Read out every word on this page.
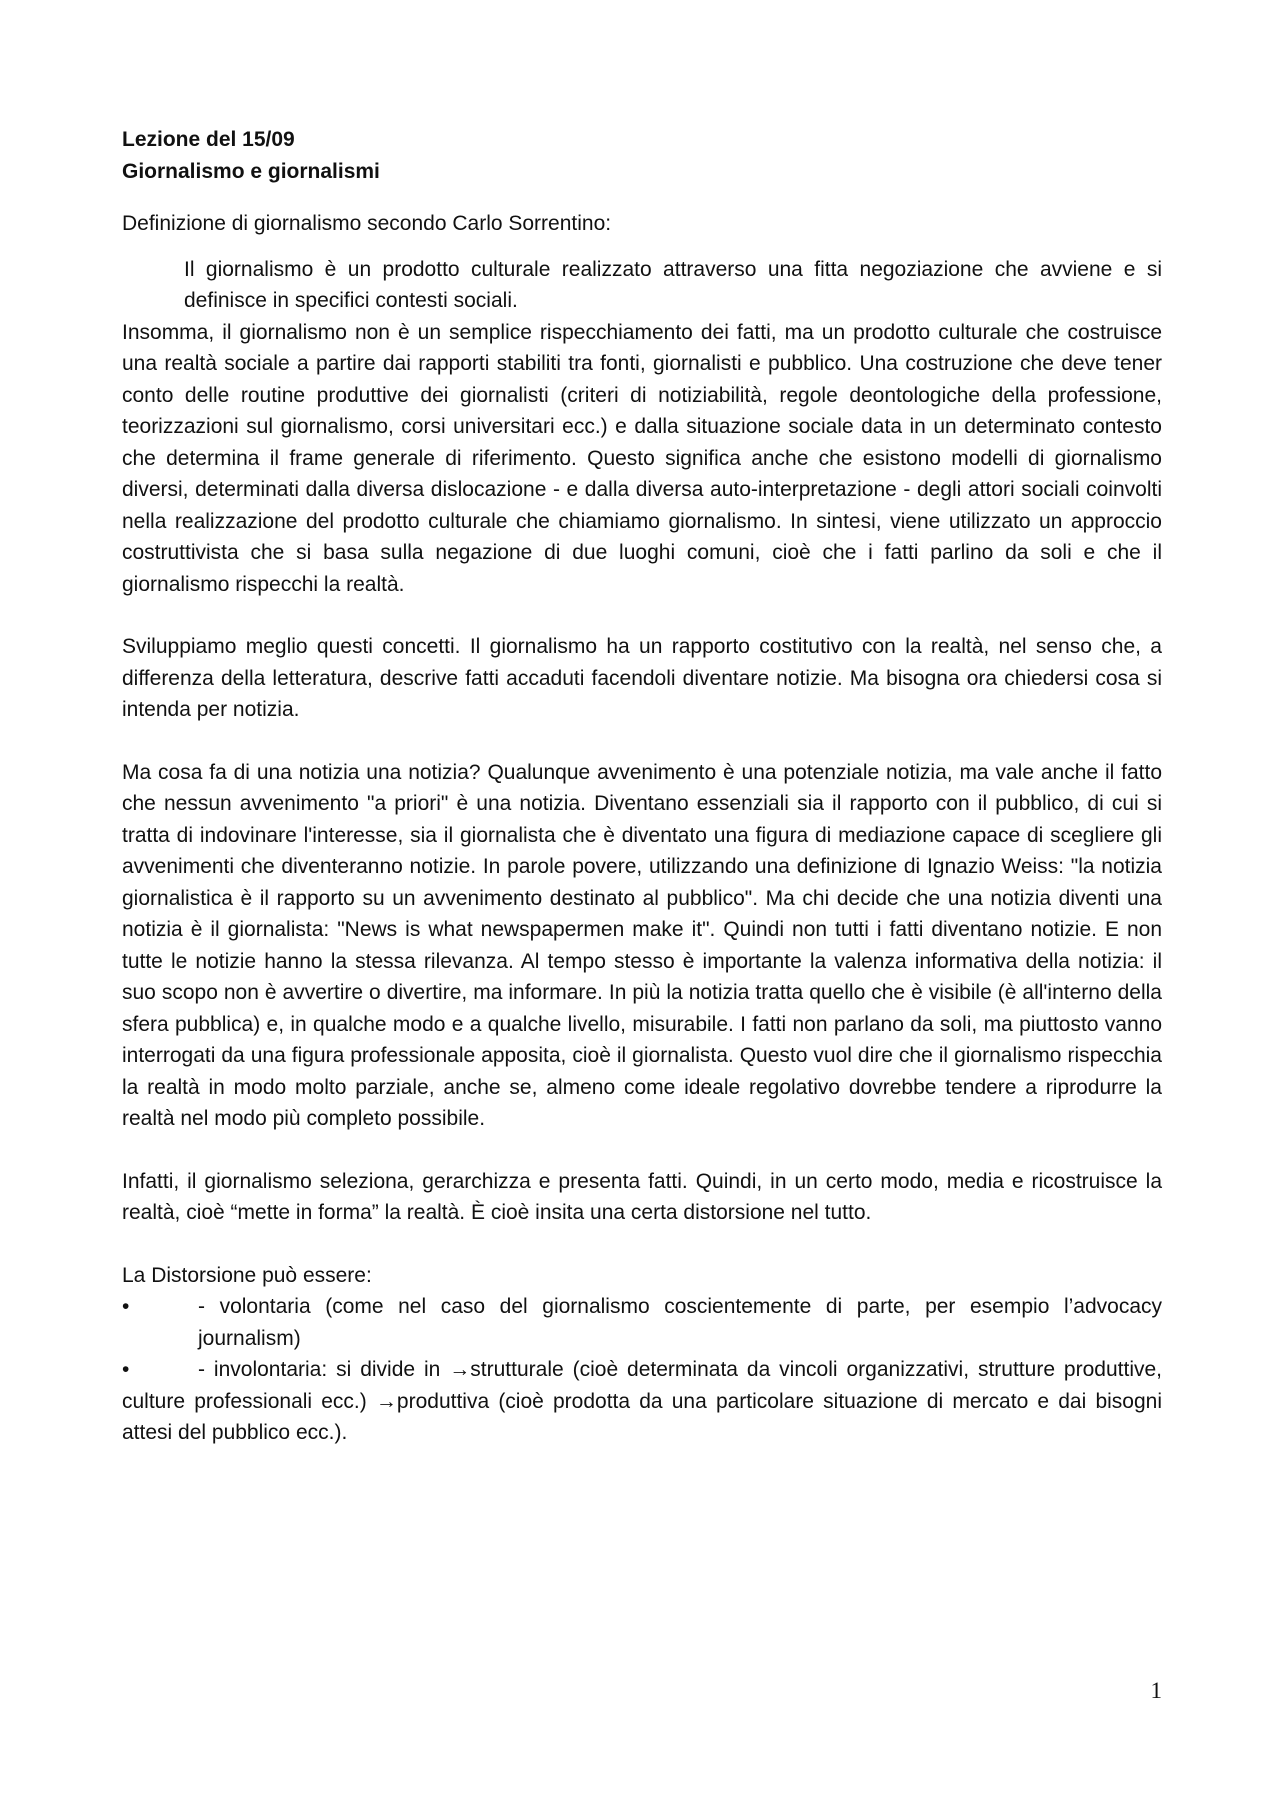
Lezione del 15/09

Giornalismo e giornalismi

Definizione di giornalismo secondo Carlo Sorrentino:

Il giornalismo è un prodotto culturale realizzato attraverso una fitta negoziazione che avviene e si definisce in specifici contesti sociali.

Insomma, il giornalismo non è un semplice rispecchiamento dei fatti, ma un prodotto culturale che costruisce una realtà sociale a partire dai rapporti stabiliti tra fonti, giornalisti e pubblico. Una costruzione che deve tener conto delle routine produttive dei giornalisti (criteri di notiziabilità, regole deontologiche della professione, teorizzazioni sul giornalismo, corsi universitari ecc.) e dalla situazione sociale data in un determinato contesto che determina il frame generale di riferimento. Questo significa anche che esistono modelli di giornalismo diversi, determinati dalla diversa dislocazione - e dalla diversa auto-interpretazione - degli attori sociali coinvolti nella realizzazione del prodotto culturale che chiamiamo giornalismo. In sintesi, viene utilizzato un approccio costruttivista che si basa sulla negazione di due luoghi comuni, cioè che i fatti parlino da soli e che il giornalismo rispecchi la realtà.

Sviluppiamo meglio questi concetti. Il giornalismo ha un rapporto costitutivo con la realtà, nel senso che, a differenza della letteratura, descrive fatti accaduti facendoli diventare notizie. Ma bisogna ora chiedersi cosa si intenda per notizia.

Ma cosa fa di una notizia una notizia? Qualunque avvenimento è una potenziale notizia, ma vale anche il fatto che nessun avvenimento "a priori" è una notizia. Diventano essenziali sia il rapporto con il pubblico, di cui si tratta di indovinare l'interesse, sia il giornalista che è diventato una figura di mediazione capace di scegliere gli avvenimenti che diventeranno notizie. In parole povere, utilizzando una definizione di Ignazio Weiss: "la notizia giornalistica è il rapporto su un avvenimento destinato al pubblico". Ma chi decide che una notizia diventi una notizia è il giornalista: "News is what newspapermen make it". Quindi non tutti i fatti diventano notizie. E non tutte le notizie hanno la stessa rilevanza. Al tempo stesso è importante la valenza informativa della notizia: il suo scopo non è avvertire o divertire, ma informare. In più la notizia tratta quello che è visibile (è all'interno della sfera pubblica) e, in qualche modo e a qualche livello, misurabile. I fatti non parlano da soli, ma piuttosto vanno interrogati da una figura professionale apposita, cioè il giornalista. Questo vuol dire che il giornalismo rispecchia la realtà in modo molto parziale, anche se, almeno come ideale regolativo dovrebbe tendere a riprodurre la realtà nel modo più completo possibile.

Infatti, il giornalismo seleziona, gerarchizza e presenta fatti. Quindi, in un certo modo, media e ricostruisce la realtà, cioè “mette in forma” la realtà. È cioè insita una certa distorsione nel tutto.

La Distorsione può essere:

•	- volontaria (come nel caso del giornalismo coscientemente di parte, per esempio l’advocacy journalism)
•	- involontaria: si divide in →strutturale (cioè determinata da vincoli organizzativi, strutture produttive, culture professionali ecc.) →produttiva (cioè prodotta da una particolare situazione di mercato e dai bisogni attesi del pubblico ecc.).
1
